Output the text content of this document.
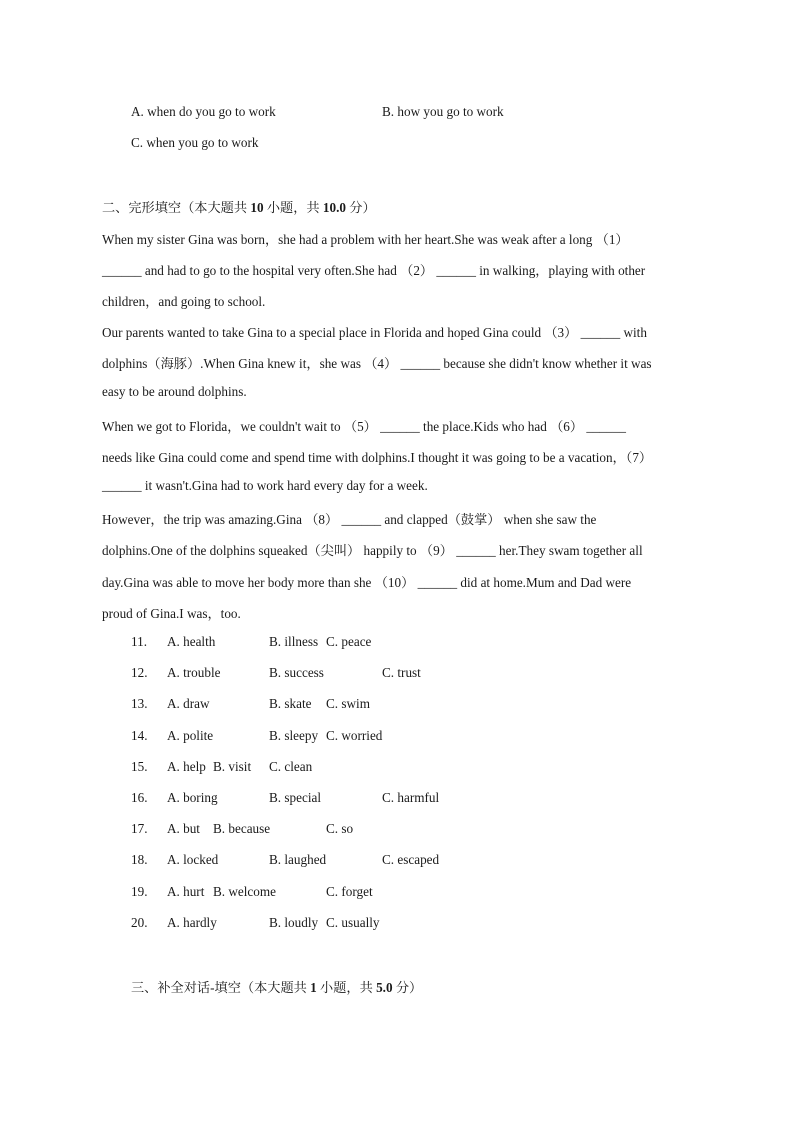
A. when do you go to work	B. how you go to work
C. when you go to work
二、完形填空（本大题共 10 小题，共 10.0 分）
When my sister Gina was born，she had a problem with her heart.She was weak after a long （1）
______ and had to go to the hospital very often.She had （2） ______ in walking，playing with other
children，and going to school.
Our parents wanted to take Gina to a special place in Florida and hoped Gina could （3） ______ with
dolphins（海豚）.When Gina knew it，she was （4） ______ because she didn't know whether it was
easy to be around dolphins.
When we got to Florida，we couldn't wait to （5） ______ the place.Kids who had （6） ______
needs like Gina could come and spend time with dolphins.I thought it was going to be a vacation，（7）
______ it wasn't.Gina had to work hard every day for a week.
However，the trip was amazing.Gina （8） ______ and clapped（鼓掌） when she saw the
dolphins.One of the dolphins squeaked（尖叫） happily to （9） ______ her.They swam together all
day.Gina was able to move her body more than she （10） ______ did at home.Mum and Dad were
proud of Gina.I was，too.
11. A. health	B. illness C. peace
12. A. trouble	B. success	C. trust
13. A. draw	B. skate C. swim
14. A. polite	B. sleepy C. worried
15. A. help B. visit C. clean
16. A. boring	B. special	C. harmful
17. A. but B. because	C. so
18. A. locked	B. laughed	C. escaped
19. A. hurt B. welcome	C. forget
20. A. hardly	B. loudly C. usually
三、补全对话-填空（本大题共 1 小题，共 5.0 分）
